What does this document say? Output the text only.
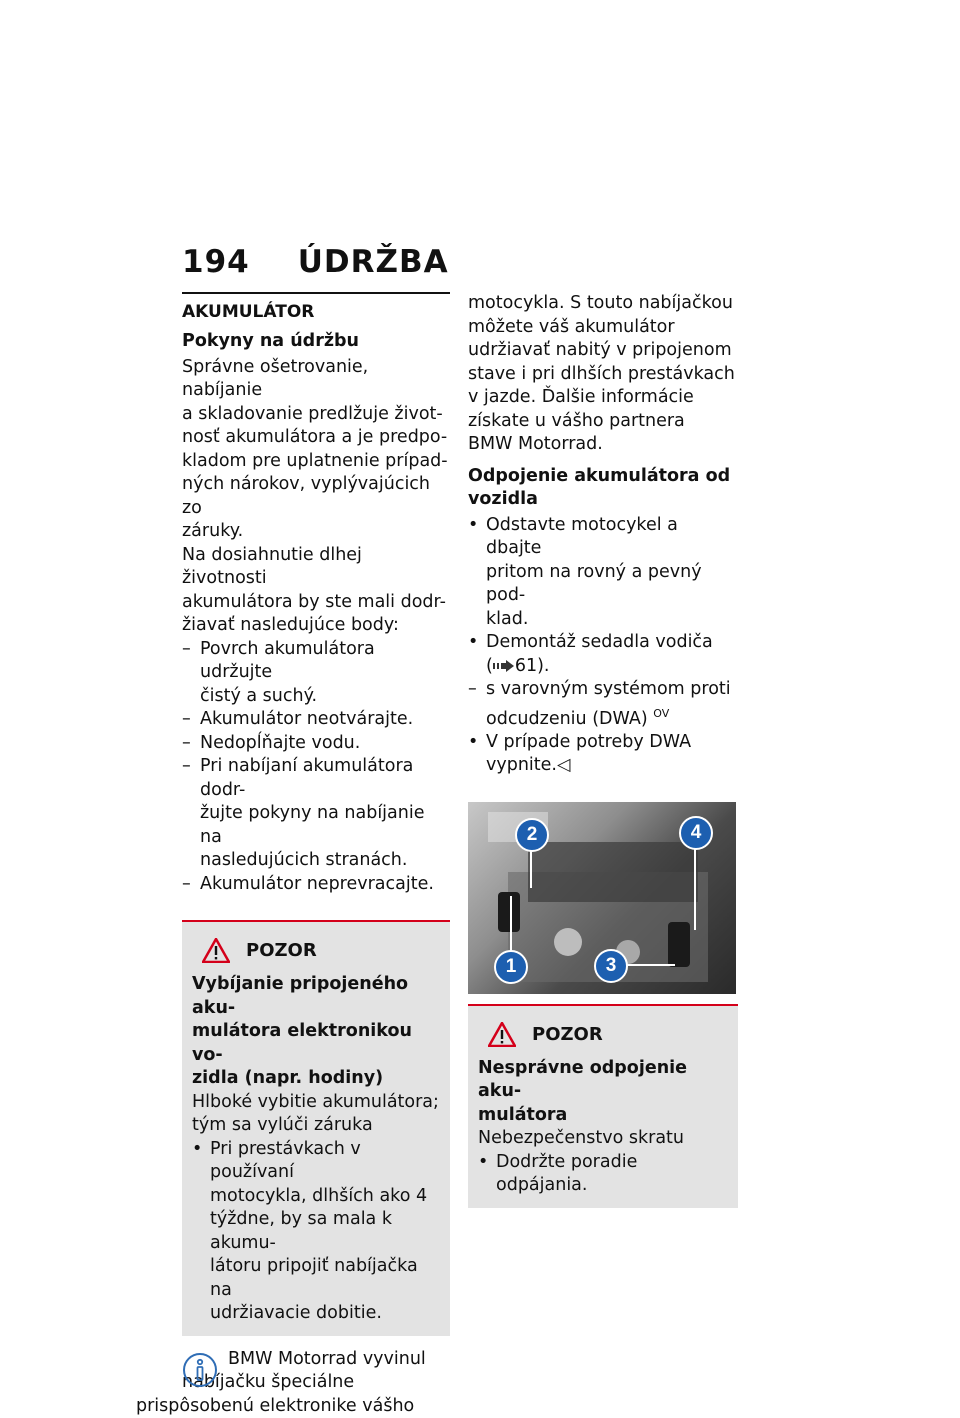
194 ÚDRŽBA
AKUMULÁTOR
Pokyny na údržbu

Správne ošetrovanie, nabíjanie
a skladovanie predlžuje život-
nosť akumulátora a je predpo-
kladom pre uplatnenie prípad-
ných nárokov, vyplývajúcich zo
záruky.

Na dosiahnutie dlhej životnosti
akumulátora by ste mali dodr-
žiavať nasledujúce body:

– Povrch akumulátora udržujte
čistý a suchý.
– Akumulátor neotvárajte.
– Nedopĺňajte vodu.
– Pri nabíjaní akumulátora dodr-
žujte pokyny na nabíjanie na
nasledujúcich stranách.
– Akumulátor neprevracajte.
POZOR
Vybíjanie pripojeného aku-
mulátora elektronikou vo-
zidla (napr. hodiny)

Hlboké vybitie akumulátora;
tým sa vylúči záruka

• Pri prestávkach v používaní
motocykla, dlhších ako 4
týždne, by sa mala k akumu-
látoru pripojiť nabíjačka na
udržiavacie dobitie.

BMW Motorrad vyvinul
nabíjačku špeciálne
prispôsobenú elektronike vášho

motocykla. S touto nabíjačkou
môžete váš akumulátor
udržiavať nabitý v pripojenom
stave i pri dlhších prestávkach
v jazde. Ďalšie informácie
získate u vášho partnera
BMW Motorrad.

Odpojenie akumulátora od
vozidla
• Odstavte motocykel a dbajte
pritom na rovný a pevný pod-
klad.
• Demontáž sedadla vodiča
( 61).
– s varovným systémom proti
odcudzeniu (DWA) $^{OV}$
• V prípade potreby DWA
vypnite.◁
1
2
3
4
POZOR
Nesprávne odpojenie aku-
mulátora

Nebezpečenstvo skratu

• Dodržte poradie odpájania.
